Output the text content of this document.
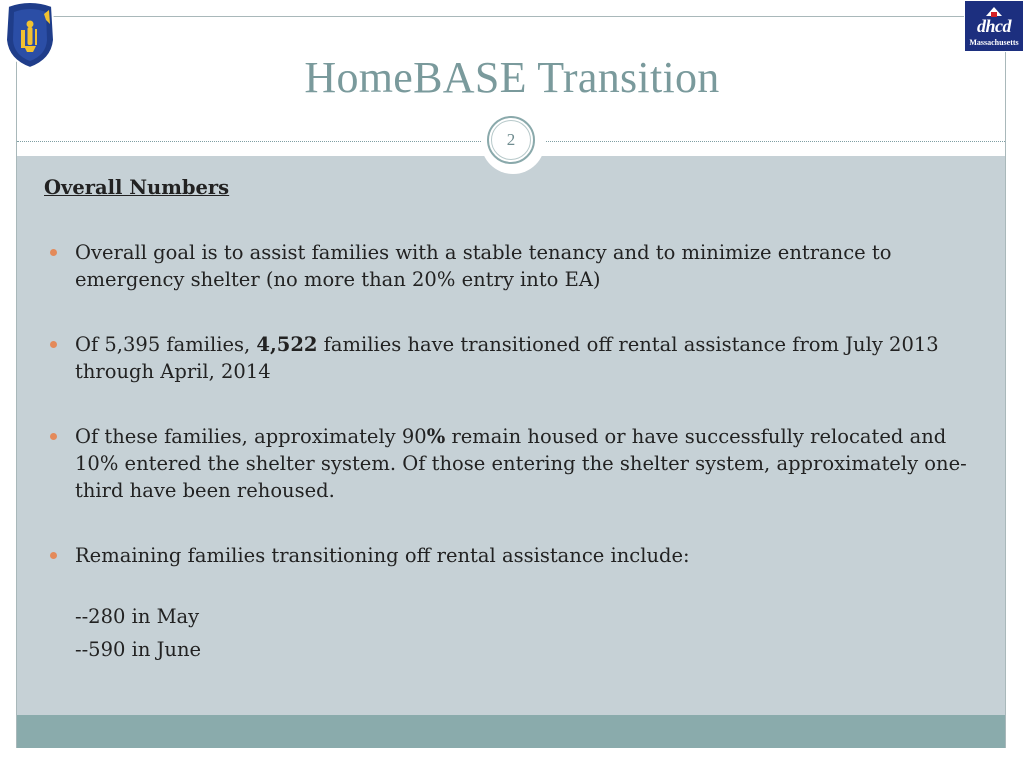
HomeBASE Transition
2
dhcd
Massachusetts
Overall Numbers
Overall goal is to assist families with a stable tenancy and to minimize entrance to emergency shelter (no more than 20% entry into EA)
Of 5,395 families, 4,522 families have transitioned off rental assistance from July 2013 through April, 2014
Of these families, approximately 90% remain housed or have successfully relocated and 10% entered the shelter system. Of those entering the shelter system, approximately one-third have been rehoused.
Remaining families transitioning off rental assistance include:
--280 in May
--590 in June
